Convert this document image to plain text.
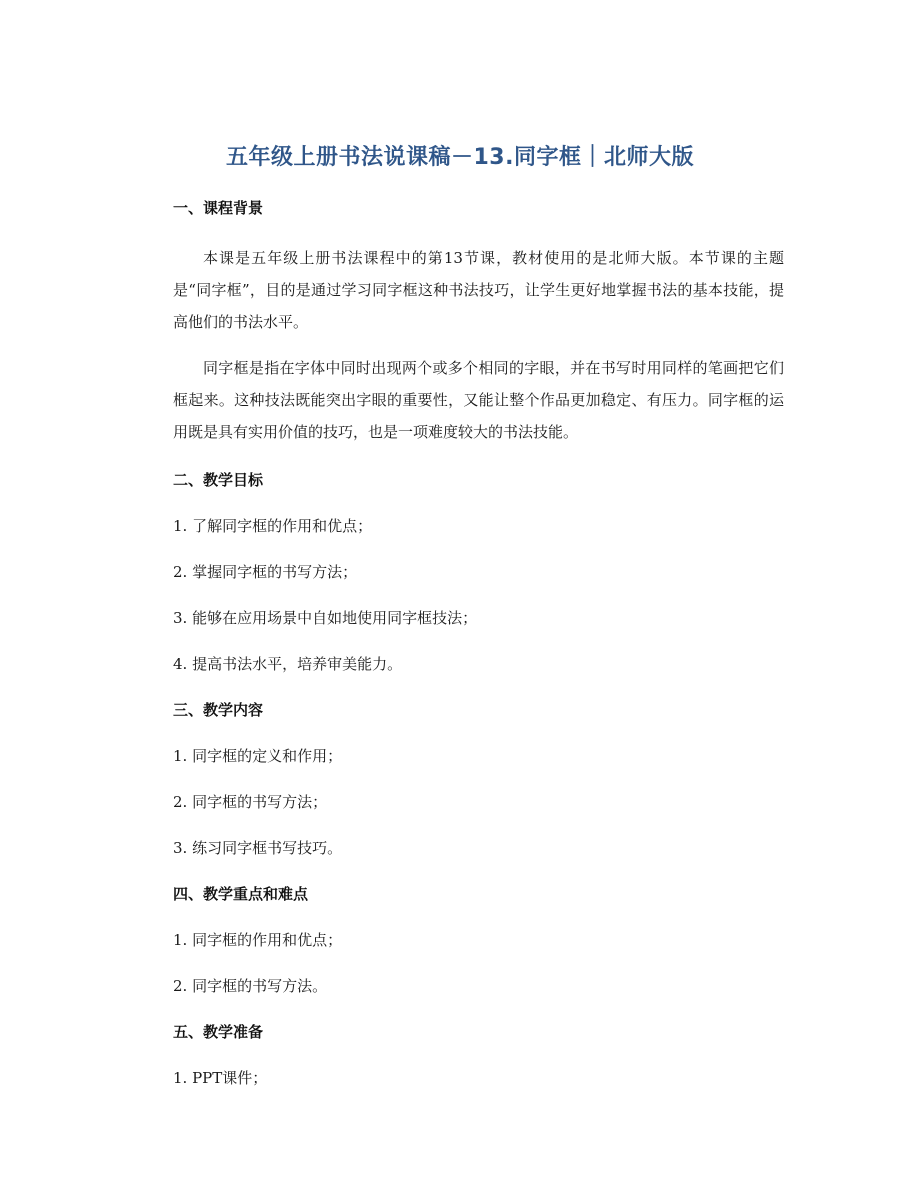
五年级上册书法说课稿－13.同字框｜北师大版
一、课程背景

本课是五年级上册书法课程中的第13节课，教材使用的是北师大版。本节课的主题是“同字框”，目的是通过学习同字框这种书法技巧，让学生更好地掌握书法的基本技能，提高他们的书法水平。

同字框是指在字体中同时出现两个或多个相同的字眼，并在书写时用同样的笔画把它们框起来。这种技法既能突出字眼的重要性，又能让整个作品更加稳定、有压力。同字框的运用既是具有实用价值的技巧，也是一项难度较大的书法技能。

二、教学目标
1. 了解同字框的作用和优点；
2. 掌握同字框的书写方法；
3. 能够在应用场景中自如地使用同字框技法；
4. 提高书法水平，培养审美能力。
三、教学内容
1. 同字框的定义和作用；
2. 同字框的书写方法；
3. 练习同字框书写技巧。
四、教学重点和难点
1. 同字框的作用和优点；
2. 同字框的书写方法。
五、教学准备
1. PPT课件；
